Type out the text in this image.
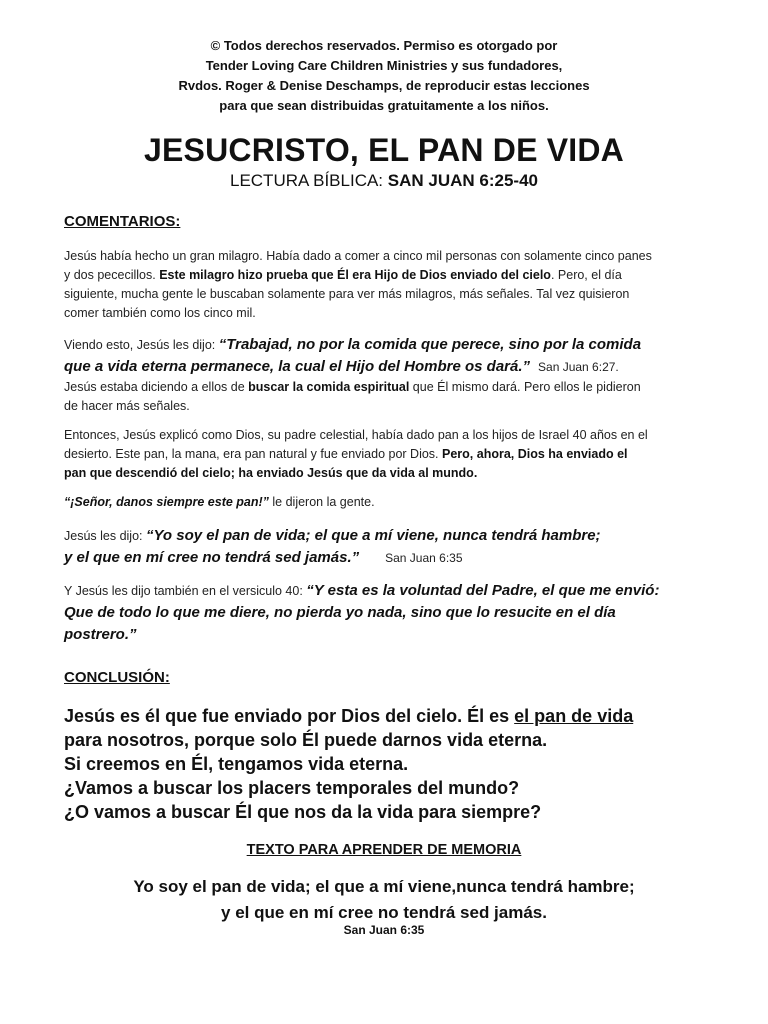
© Todos derechos reservados. Permiso es otorgado por
Tender Loving Care Children Ministries y sus fundadores,
Rvdos. Roger & Denise Deschamps, de reproducir estas lecciones
para que sean distribuidas gratuitamente a los niños.
JESUCRISTO, EL PAN DE VIDA
LECTURA BÍBLICA: SAN JUAN 6:25-40
COMENTARIOS:
Jesús había hecho un gran milagro. Había dado a comer a cinco mil personas con solamente cinco panes
y dos pececillos. Este milagro hizo prueba que Él era Hijo de Dios enviado del cielo. Pero, el día
siguiente, mucha gente le buscaban solamente para ver más milagros, más señales. Tal vez quisieron
comer también como los cinco mil.
Viendo esto, Jesús les dijo: “Trabajad, no por la comida que perece, sino por la comida
que a vida eterna permanece, la cual el Hijo del Hombre os dará.” San Juan 6:27.
Jesús estaba diciendo a ellos de buscar la comida espiritual que Él mismo dará. Pero ellos le pidieron
de hacer más señales.
Entonces, Jesús explicó como Dios, su padre celestial, había dado pan a los hijos de Israel 40 años en el
desierto. Este pan, la mana, era pan natural y fue enviado por Dios. Pero, ahora, Dios ha enviado el
pan que descendió del cielo; ha enviado Jesús que da vida al mundo.
“¡Señor, danos siempre este pan!” le dijeron la gente.
Jesús les dijo: “Yo soy el pan de vida; el que a mí viene, nunca tendrá hambre;
y el que en mí cree no tendrá sed jamás.” San Juan 6:35
Y Jesús les dijo también en el versiculo 40: “Y esta es la voluntad del Padre, el que me envió:
Que de todo lo que me diere, no pierda yo nada, sino que lo resucite en el día
postrero.”
CONCLUSIÓN:
Jesús es él que fue enviado por Dios del cielo. Él es el pan de vida
para nosotros, porque solo Él puede darnos vida eterna.
Si creemos en Él, tengamos vida eterna.
¿Vamos a buscar los placers temporales del mundo?
¿O vamos a buscar Él que nos da la vida para siempre?
TEXTO PARA APRENDER DE MEMORIA
Yo soy el pan de vida; el que a mí viene,nunca tendrá hambre;
y el que en mí cree no tendrá sed jamás.
San Juan 6:35
